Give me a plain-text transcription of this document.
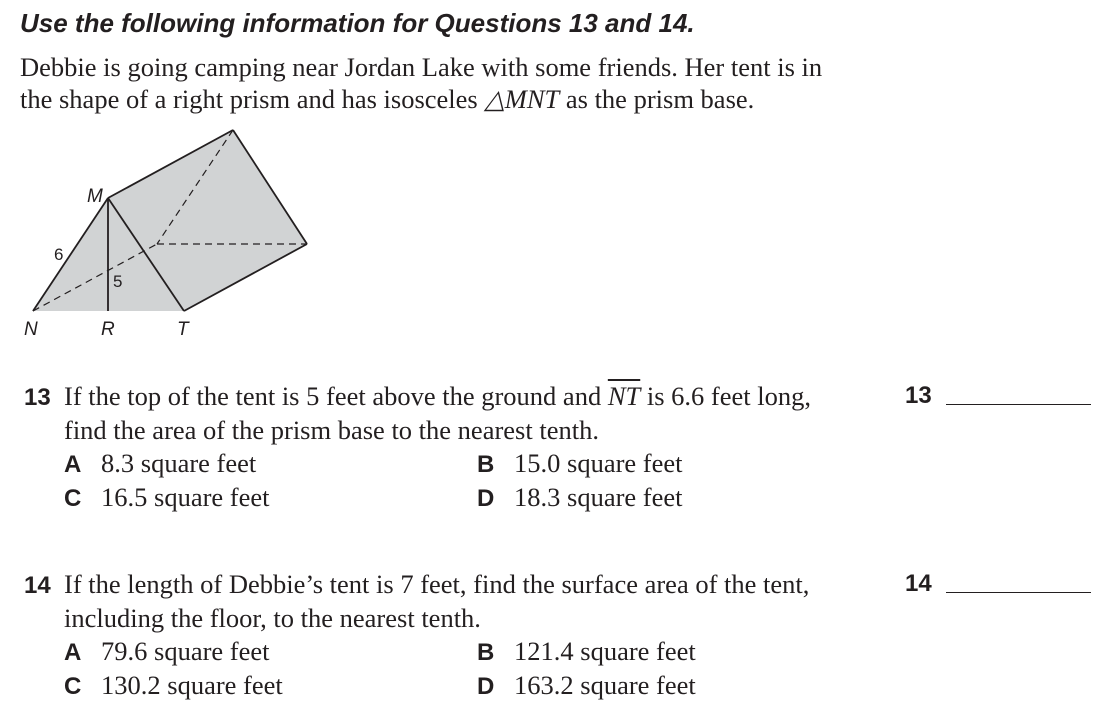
Use the following information for Questions 13 and 14.
Debbie is going camping near Jordan Lake with some friends. Her tent is in
the shape of a right prism and has isosceles △MNT as the prism base.
M
N	R	T
6
5
13 If the top of the tent is 5 feet above the ground and $\overline{NT}$ is 6.6 feet long,
find the area of the prism base to the nearest tenth.
A 8.3 square feet	B 15.0 square feet
C 16.5 square feet	D 18.3 square feet
13
14 If the length of Debbie’s tent is 7 feet, find the surface area of the tent,
including the floor, to the nearest tenth.
A 79.6 square feet	B 121.4 square feet
C 130.2 square feet	D 163.2 square feet
14
